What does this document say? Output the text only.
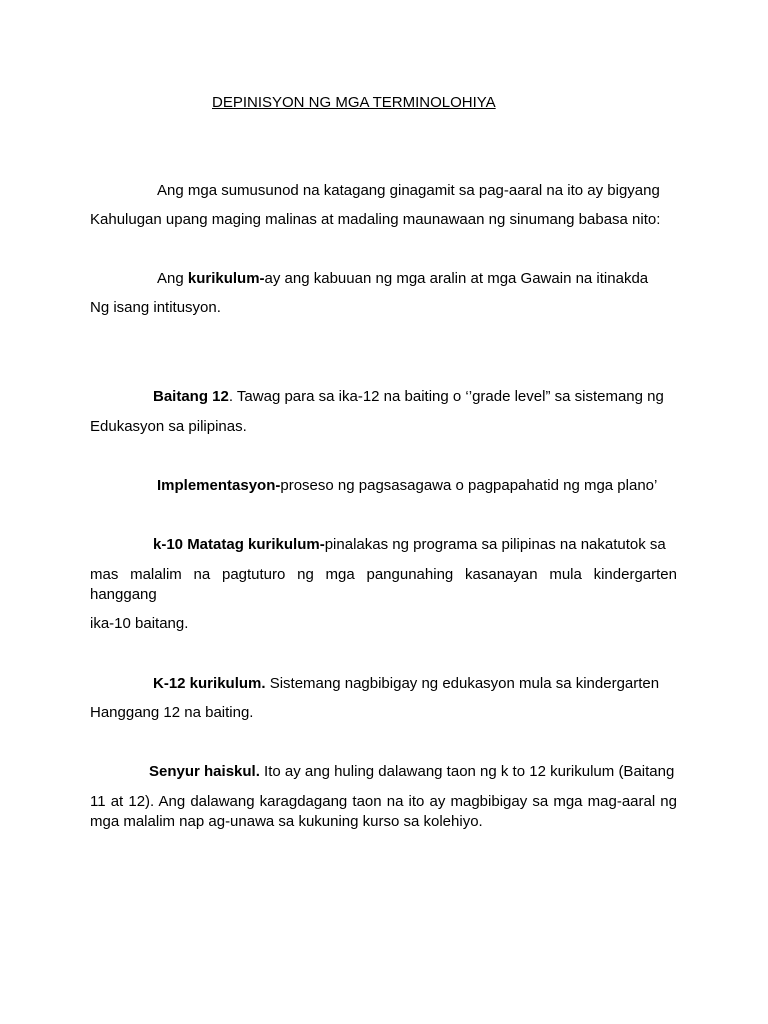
DEPINISYON NG MGA TERMINOLOHIYA
Ang mga sumusunod na katagang ginagamit sa pag-aaral na ito ay bigyang
Kahulugan upang maging malinas at madaling maunawaan ng sinumang babasa nito:
Ang kurikulum-ay ang kabuuan ng mga aralin at mga Gawain na itinakda
Ng isang intitusyon.
Baitang 12. Tawag para sa ika-12 na baiting o ‘’grade level” sa sistemang ng
Edukasyon sa pilipinas.
Implementasyon-proseso ng pagsasagawa o pagpapahatid ng mga plano’
k-10 Matatag kurikulum-pinalakas ng programa sa pilipinas na nakatutok sa
mas malalim na pagtuturo ng mga pangunahing kasanayan mula kindergarten
hanggang
ika-10 baitang.
K-12 kurikulum. Sistemang nagbibigay ng edukasyon mula sa kindergarten
Hanggang 12 na baiting.
Senyur haiskul. Ito ay ang huling dalawang taon ng k to 12 kurikulum (Baitang
11 at 12). Ang dalawang karagdagang taon na ito ay magbibigay sa mga mag-aaral ng
mga malalim nap ag-unawa sa kukuning kurso sa kolehiyo.
